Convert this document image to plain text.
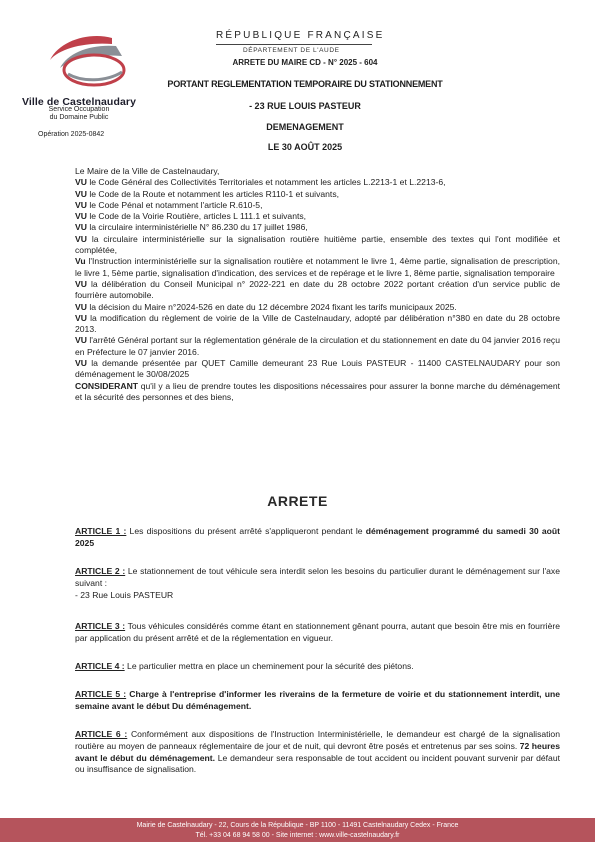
Ville de Castelnaudary
Service Occupation
du Domaine Public
Opération 2025-0842
RÉPUBLIQUE FRANÇAISE
DÉPARTEMENT DE L'AUDE
ARRETE DU MAIRE CD - N° 2025 - 604
PORTANT REGLEMENTATION TEMPORAIRE DU STATIONNEMENT
- 23 RUE LOUIS PASTEUR
DEMENAGEMENT
LE 30 AOÛT 2025

Le Maire de la Ville de Castelnaudary,

VU le Code Général des Collectivités Territoriales et notamment les articles L.2213-1 et L.2213-6,

VU le Code de la Route et notamment les articles R110-1 et suivants,

VU le Code Pénal et notamment l'article R.610-5,

VU le Code de la Voirie Routière, articles L 111.1 et suivants,

VU la circulaire interministérielle N° 86.230 du 17 juillet 1986,

VU la circulaire interministérielle sur la signalisation routière huitième partie, ensemble des textes qui l'ont modifiée et complétée,

Vu l'Instruction interministérielle sur la signalisation routière et notamment le livre 1, 4ème partie, signalisation de prescription, le livre 1, 5ème partie, signalisation d'indication, des services et de repérage et le livre 1, 8ème partie, signalisation temporaire

VU la délibération du Conseil Municipal n° 2022-221 en date du 28 octobre 2022 portant création d'un service public de fourrière automobile.

VU la décision du Maire n°2024-526 en date du 12 décembre 2024 fixant les tarifs municipaux 2025.

VU la modification du règlement de voirie de la Ville de Castelnaudary, adopté par délibération n°380 en date du 28 octobre 2013.

VU l'arrêté Général portant sur la réglementation générale de la circulation et du stationnement en date du 04 janvier 2016 reçu en Préfecture le 07 janvier 2016.

VU la demande présentée par QUET Camille demeurant 23 Rue Louis PASTEUR - 11400 CASTELNAUDARY pour son déménagement le 30/08/2025

CONSIDERANT qu'il y a lieu de prendre toutes les dispositions nécessaires pour assurer la bonne marche du déménagement et la sécurité des personnes et des biens,

ARRETE

ARTICLE 1 : Les dispositions du présent arrêté s'appliqueront pendant le déménagement programmé du samedi 30 août 2025

ARTICLE 2 : Le stationnement de tout véhicule sera interdit selon les besoins du particulier durant le déménagement sur l'axe suivant :

- 23 Rue Louis PASTEUR

ARTICLE 3 : Tous véhicules considérés comme étant en stationnement gênant pourra, autant que besoin être mis en fourrière par application du présent arrêté et de la réglementation en vigueur.

ARTICLE 4 : Le particulier mettra en place un cheminement pour la sécurité des piétons.

ARTICLE 5 : Charge à l'entreprise d'informer les riverains de la fermeture de voirie et du stationnement interdit, une semaine avant le début Du déménagement.

ARTICLE 6 : Conformément aux dispositions de l'Instruction Interministérielle, le demandeur est chargé de la signalisation routière au moyen de panneaux réglementaire de jour et de nuit, qui devront être posés et entretenus par ses soins. 72 heures avant le début du déménagement. Le demandeur sera responsable de tout accident ou incident pouvant survenir par défaut ou insuffisance de signalisation.

Mairie de Castelnaudary - 22, Cours de la République - BP 1100 - 11491 Castelnaudary Cedex - France
Tél. +33 04 68 94 58 00 - Site internet : www.ville-castelnaudary.fr
